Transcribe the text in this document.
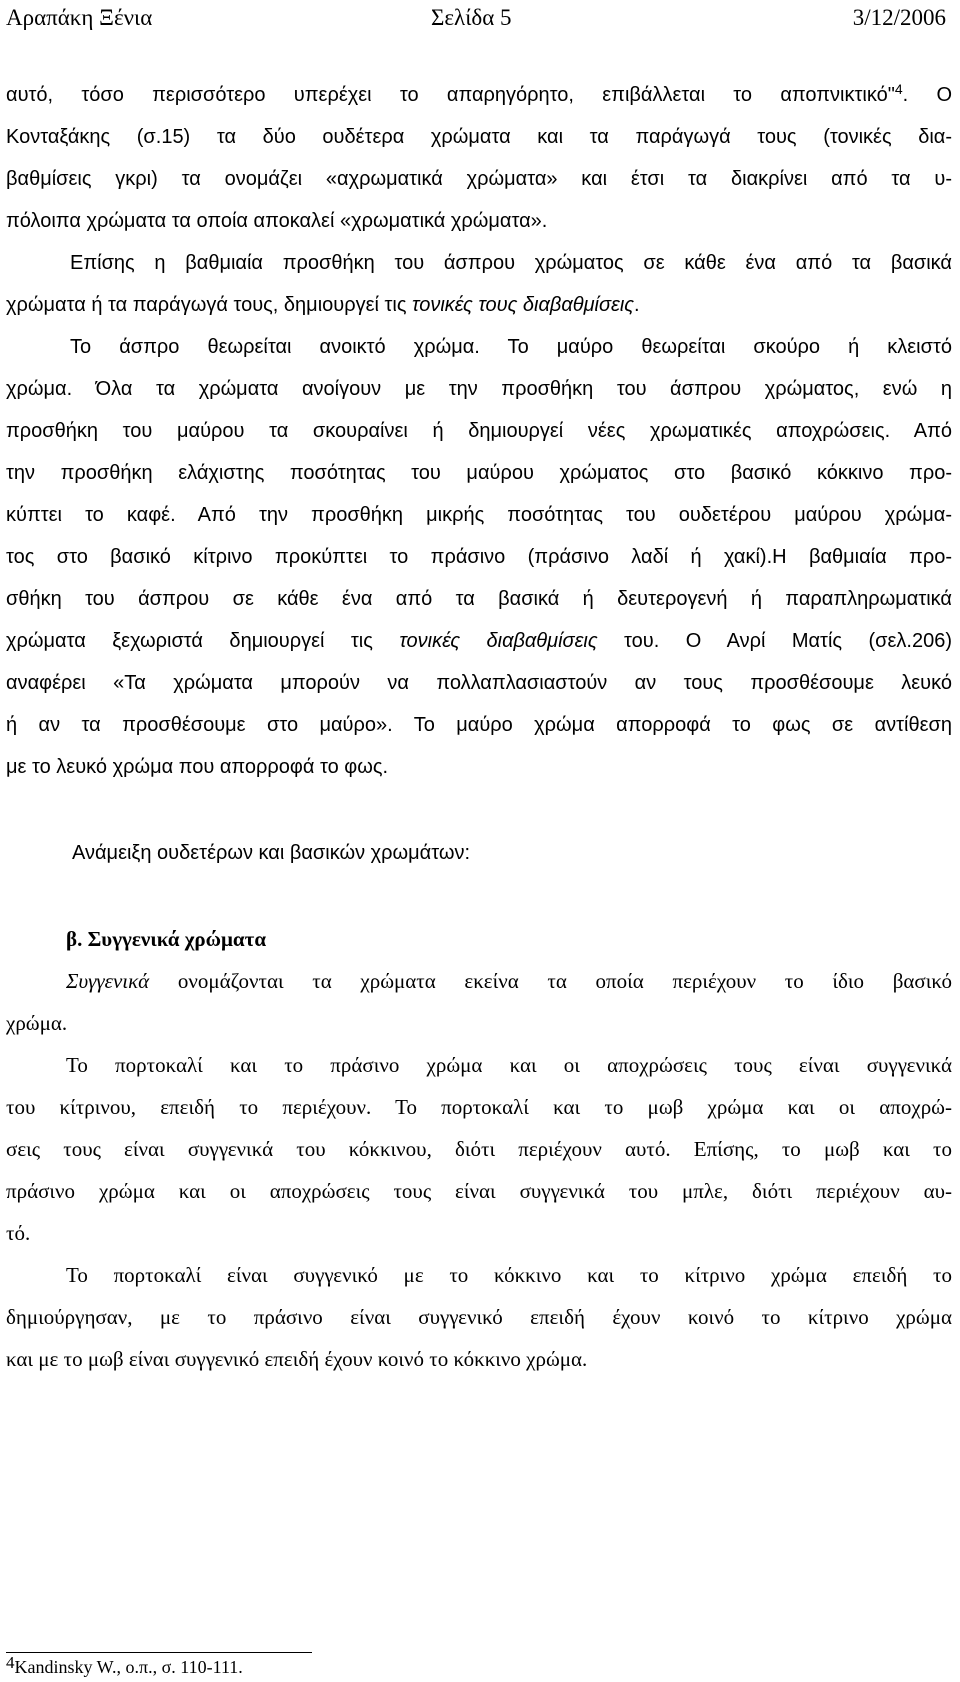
Αραπάκη Ξένια	Σελίδα 5	3/12/2006
αυτό, τόσο περισσότερο υπερέχει το απαρηγόρητο, επιβάλλεται το αποπνικτικό"$^4$. Ο
Κονταξάκης (σ.15) τα δύο ουδέτερα χρώματα και τα παράγωγά τους (τονικές δια-
βαθμίσεις γκρι) τα ονομάζει «αχρωματικά χρώματα» και έτσι τα διακρίνει από τα υ-
πόλοιπα χρώματα τα οποία αποκαλεί «χρωματικά χρώματα».
Επίσης η βαθμιαία προσθήκη του άσπρου χρώματος σε κάθε ένα από τα βασικά
χρώματα ή τα παράγωγά τους, δημιουργεί τις τονικές τους διαβαθμίσεις.
Το άσπρο θεωρείται ανοικτό χρώμα. Το μαύρο θεωρείται σκούρο ή κλειστό
χρώμα. Όλα τα χρώματα ανοίγουν με την προσθήκη του άσπρου χρώματος, ενώ η
προσθήκη του μαύρου τα σκουραίνει ή δημιουργεί νέες χρωματικές αποχρώσεις. Από
την προσθήκη ελάχιστης ποσότητας του μαύρου χρώματος στο βασικό κόκκινο προ-
κύπτει το καφέ. Από την προσθήκη μικρής ποσότητας του ουδετέρου μαύρου χρώμα-
τος στο βασικό κίτρινο προκύπτει το πράσινο (πράσινο λαδί ή χακί).Η βαθμιαία προ-
σθήκη του άσπρου σε κάθε ένα από τα βασικά ή δευτερογενή ή παραπληρωματικά
χρώματα ξεχωριστά δημιουργεί τις τονικές διαβαθμίσεις του. Ο Ανρί Ματίς (σελ.206)
αναφέρει «Τα χρώματα μπορούν να πολλαπλασιαστούν αν τους προσθέσουμε λευκό
ή αν τα προσθέσουμε στο μαύρο». Το μαύρο χρώμα απορροφά το φως σε αντίθεση
με το λευκό χρώμα που απορροφά το φως.
Ανάμειξη ουδετέρων και βασικών χρωμάτων:
β. Συγγενικά χρώματα
Συγγενικά ονομάζονται τα χρώματα εκείνα τα οποία περιέχουν το ίδιο βασικό
χρώμα.
Το πορτοκαλί και το πράσινο χρώμα και οι αποχρώσεις τους είναι συγγενικά
του κίτρινου, επειδή το περιέχουν. Το πορτοκαλί και το μωβ χρώμα και οι αποχρώ-
σεις τους είναι συγγενικά του κόκκινου, διότι περιέχουν αυτό. Επίσης, το μωβ και το
πράσινο χρώμα και οι αποχρώσεις τους είναι συγγενικά του μπλε, διότι περιέχουν αυ-
τό.
Το πορτοκαλί είναι συγγενικό με το κόκκινο και το κίτρινο χρώμα επειδή το
δημιούργησαν, με το πράσινο είναι συγγενικό επειδή έχουν κοινό το κίτρινο χρώμα
και με το μωβ είναι συγγενικό επειδή έχουν κοινό το κόκκινο χρώμα.
$^4$Kandinsky W., ο.π., σ. 110-111.
